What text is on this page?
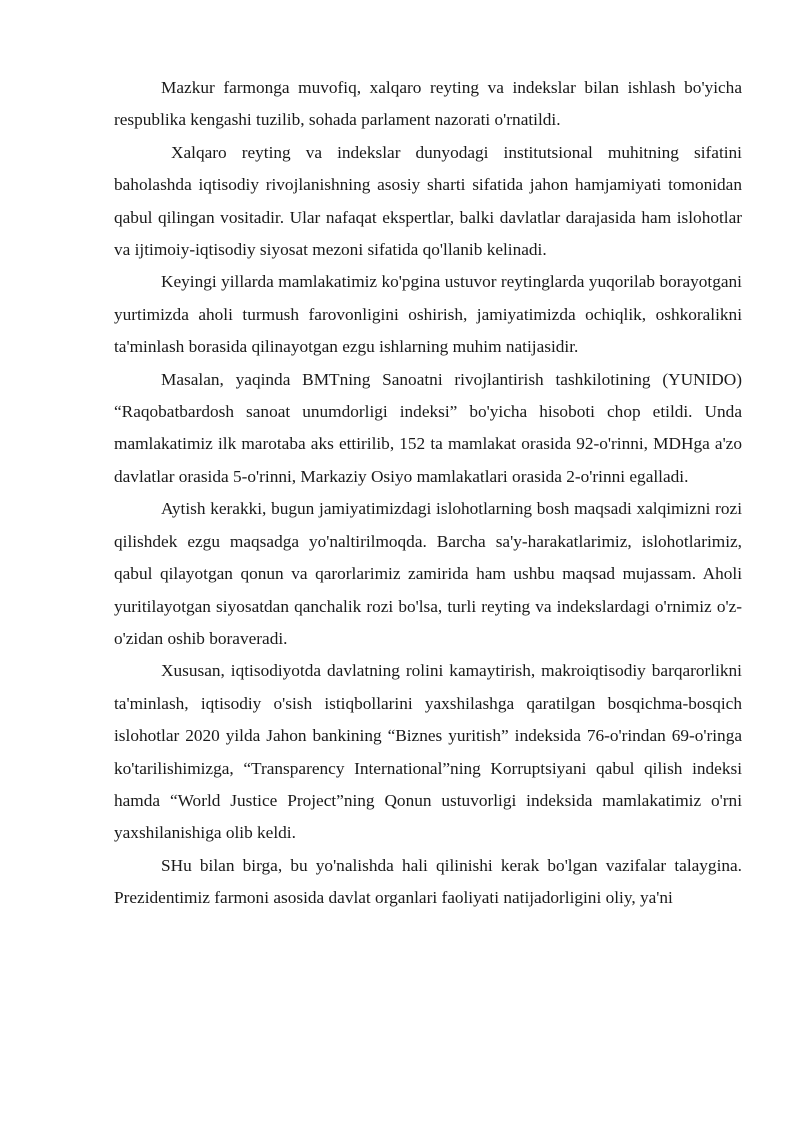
Mazkur farmonga muvofiq, xalqaro reyting va indekslar bilan ishlash bo'yicha respublika kengashi tuzilib, sohada parlament nazorati o'rnatildi.

Xalqaro reyting va indekslar dunyodagi institutsional muhitning sifatini baholashda iqtisodiy rivojlanishning asosiy sharti sifatida jahon hamjamiyati tomonidan qabul qilingan vositadir. Ular nafaqat ekspertlar, balki davlatlar darajasida ham islohotlar va ijtimoiy-iqtisodiy siyosat mezoni sifatida qo'llanib kelinadi.

Keyingi yillarda mamlakatimiz ko'pgina ustuvor reytinglarda yuqorilab borayotgani yurtimizda aholi turmush farovonligini oshirish, jamiyatimizda ochiqlik, oshkoralikni ta'minlash borasida qilinayotgan ezgu ishlarning muhim natijasidir.

Masalan, yaqinda BMTning Sanoatni rivojlantirish tashkilotining (YUNIDO) “Raqobatbardosh sanoat unumdorligi indeksi” bo'yicha hisoboti chop etildi. Unda mamlakatimiz ilk marotaba aks ettirilib, 152 ta mamlakat orasida 92-o'rinni, MDHga a'zo davlatlar orasida 5-o'rinni, Markaziy Osiyo mamlakatlari orasida 2-o'rinni egalladi.

Aytish kerakki, bugun jamiyatimizdagi islohotlarning bosh maqsadi xalqimizni rozi qilishdek ezgu maqsadga yo'naltirilmoqda. Barcha sa'y-harakatlarimiz, islohotlarimiz, qabul qilayotgan qonun va qarorlarimiz zamirida ham ushbu maqsad mujassam. Aholi yuritilayotgan siyosatdan qanchalik rozi bo'lsa, turli reyting va indekslardagi o'rnimiz o'z-o'zidan oshib boraveradi.

Xususan, iqtisodiyotda davlatning rolini kamaytirish, makroiqtisodiy barqarorlikni ta'minlash, iqtisodiy o'sish istiqbollarini yaxshilashga qaratilgan bosqichma-bosqich islohotlar 2020 yilda Jahon bankining “Biznes yuritish” indeksida 76-o'rindan 69-o'ringa ko'tarilishimizga, “Transparency International”ning Korruptsiyani qabul qilish indeksi hamda “World Justice Project”ning Qonun ustuvorligi indeksida mamlakatimiz o'rni yaxshilanishiga olib keldi.

SHu bilan birga, bu yo'nalishda hali qilinishi kerak bo'lgan vazifalar talaygina. Prezidentimiz farmoni asosida davlat organlari faoliyati natijadorligini oliy, ya'ni
